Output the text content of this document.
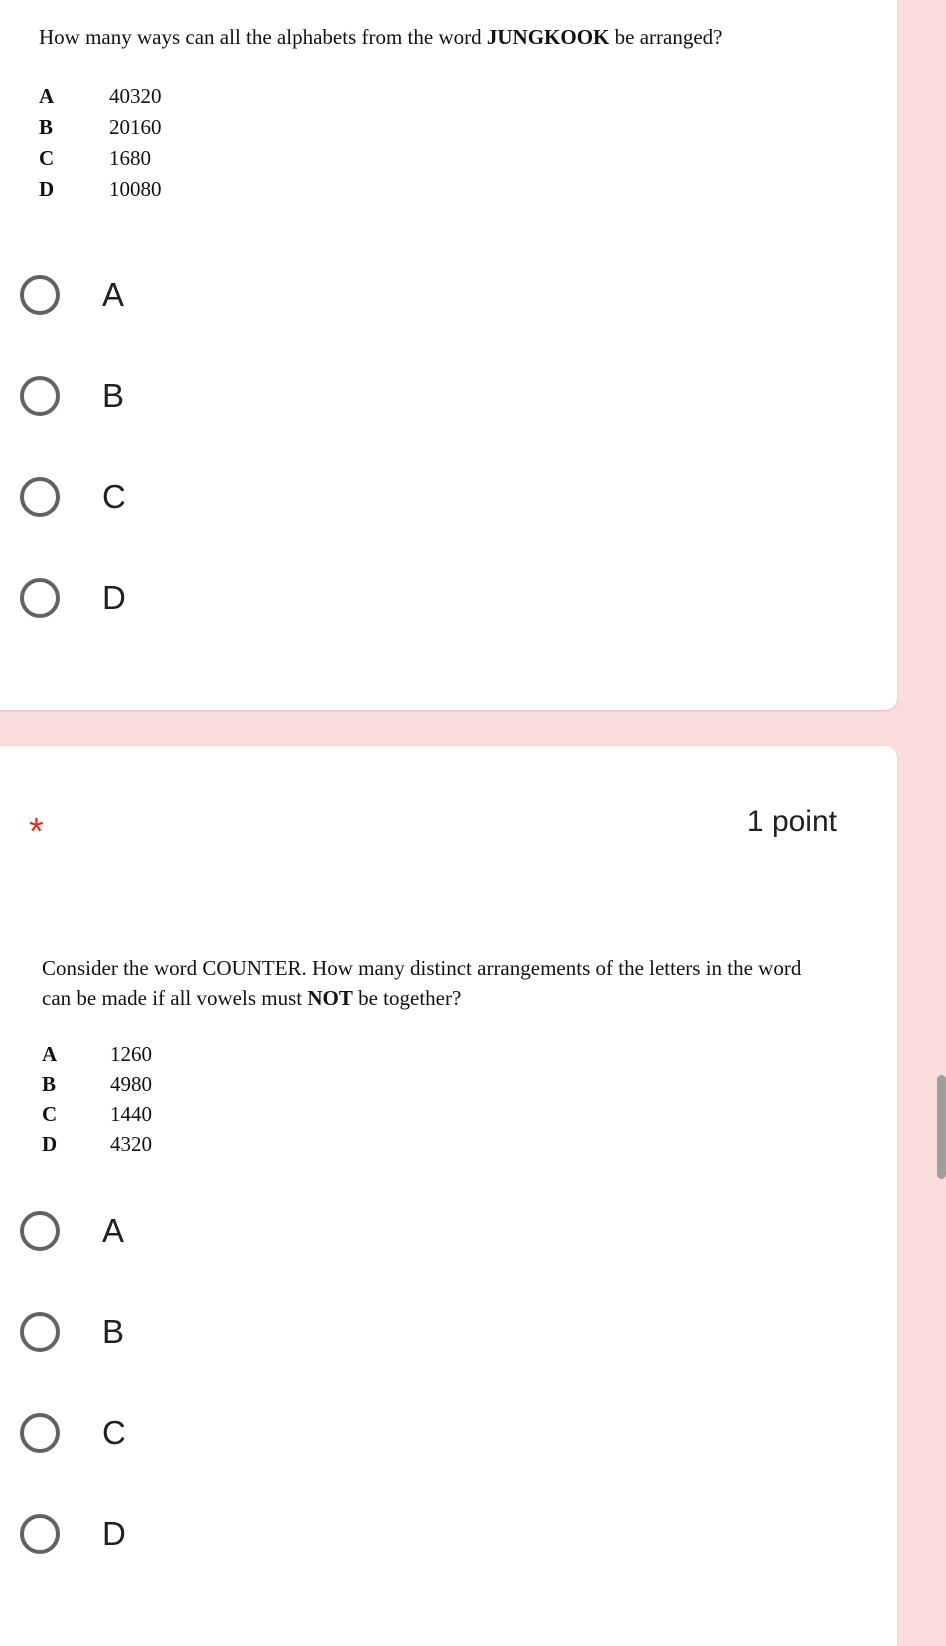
How many ways can all the alphabets from the word JUNGKOOK be arranged?

A	40320
B	20160
C	1680
D	10080
A
B
C
D
*	1 point

Consider the word COUNTER. How many distinct arrangements of the letters in the word can be made if all vowels must NOT be together?

A	1260
B	4980
C	1440
D	4320
A
B
C
D
